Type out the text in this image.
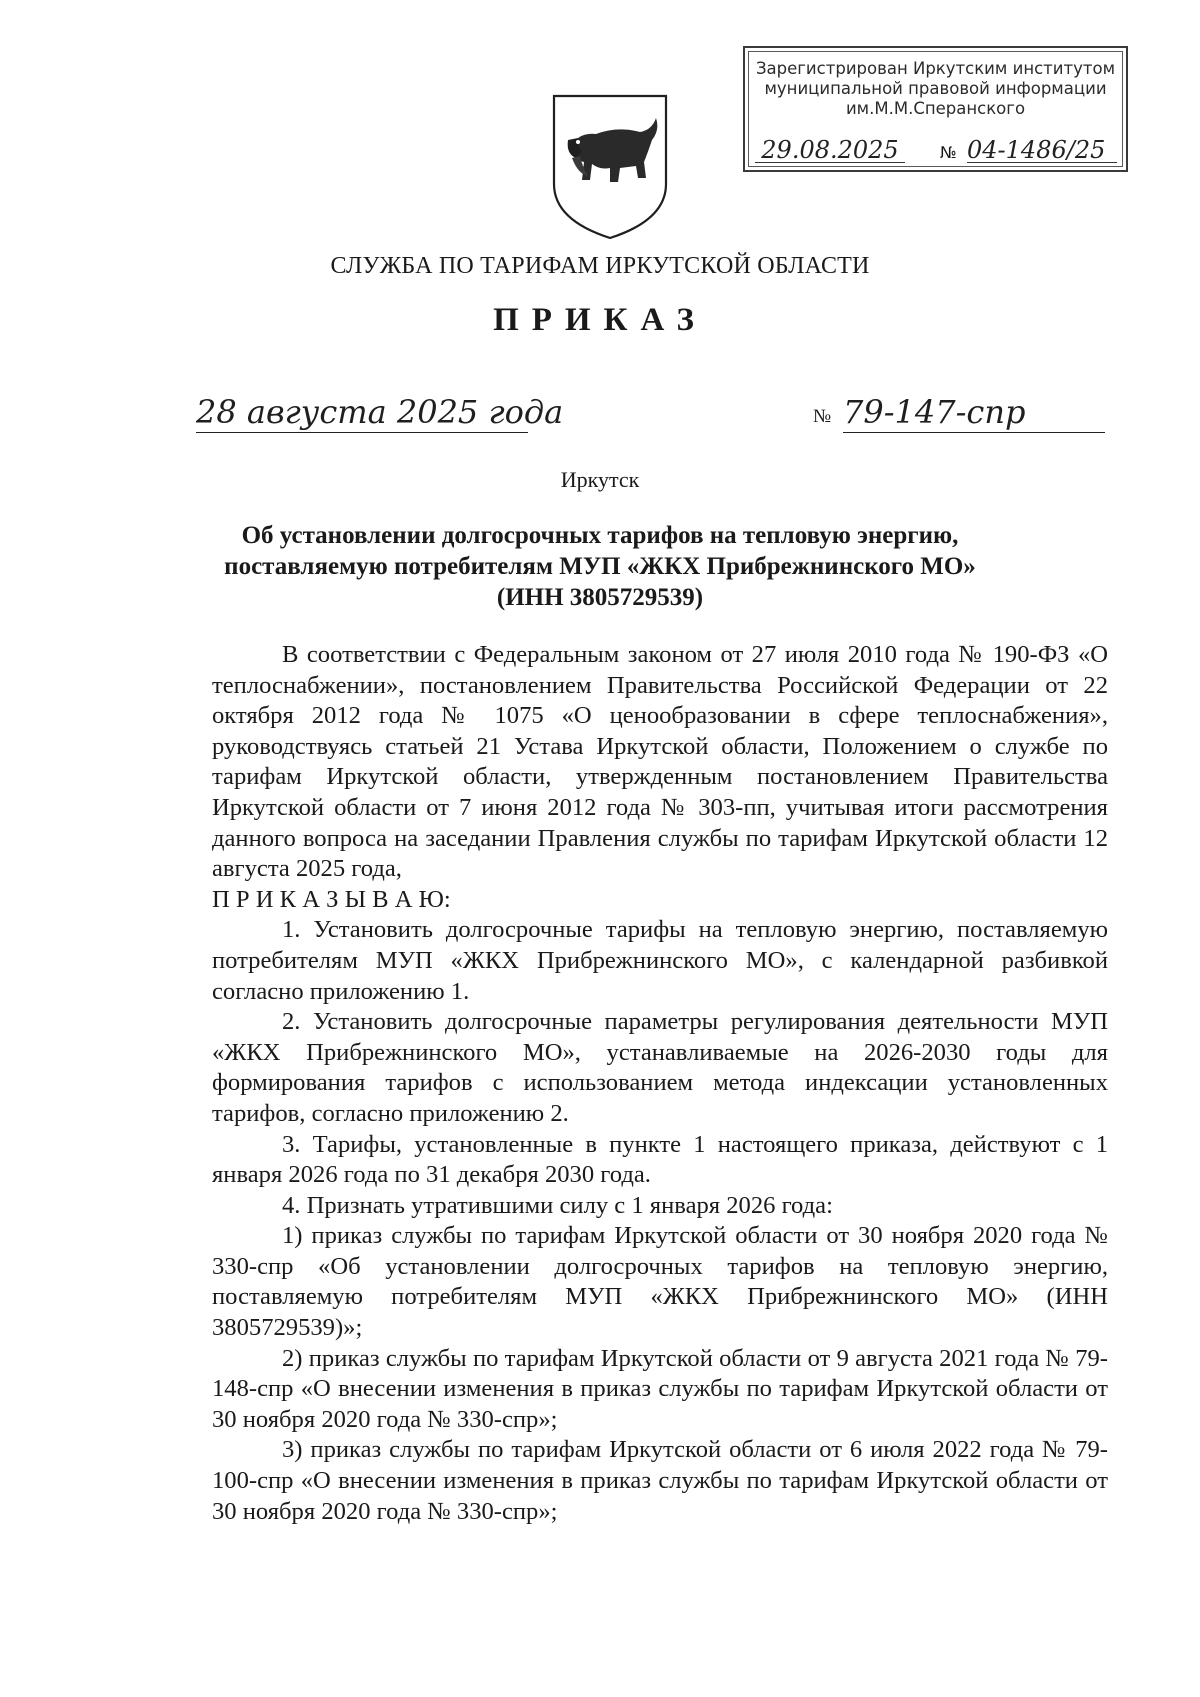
Зарегистрирован Иркутским институтом
муниципальной правовой информации
им.М.М.Сперанского
29.08.2025	№ 04-1486/25
СЛУЖБА ПО ТАРИФАМ ИРКУТСКОЙ ОБЛАСТИ
ПРИКАЗ
28 августа 2025 года	№ 79-147-спр
Иркутск
Об установлении долгосрочных тарифов на тепловую энергию,
поставляемую потребителям МУП «ЖКХ Прибрежнинского МО»
(ИНН 3805729539)

В соответствии с Федеральным законом от 27 июля 2010 года № 190-ФЗ «О теплоснабжении», постановлением Правительства Российской Федерации от 22 октября 2012 года № 1075 «О ценообразовании в сфере теплоснабжения», руководствуясь статьей 21 Устава Иркутской области, Положением о службе по тарифам Иркутской области, утвержденным постановлением Правительства Иркутской области от 7 июня 2012 года № 303-пп, учитывая итоги рассмотрения данного вопроса на заседании Правления службы по тарифам Иркутской области 12 августа 2025 года,

П Р И К А З Ы В А Ю:

1. Установить долгосрочные тарифы на тепловую энергию, поставляемую потребителям МУП «ЖКХ Прибрежнинского МО», с календарной разбивкой согласно приложению 1.

2. Установить долгосрочные параметры регулирования деятельности МУП «ЖКХ Прибрежнинского МО», устанавливаемые на 2026-2030 годы для формирования тарифов с использованием метода индексации установленных тарифов, согласно приложению 2.

3. Тарифы, установленные в пункте 1 настоящего приказа, действуют с 1 января 2026 года по 31 декабря 2030 года.

4. Признать утратившими силу с 1 января 2026 года:

1) приказ службы по тарифам Иркутской области от 30 ноября 2020 года № 330-спр «Об установлении долгосрочных тарифов на тепловую энергию, поставляемую потребителям МУП «ЖКХ Прибрежнинского МО» (ИНН 3805729539)»;

2) приказ службы по тарифам Иркутской области от 9 августа 2021 года № 79-148-спр «О внесении изменения в приказ службы по тарифам Иркутской области от 30 ноября 2020 года № 330-спр»;

3) приказ службы по тарифам Иркутской области от 6 июля 2022 года № 79-100-спр «О внесении изменения в приказ службы по тарифам Иркутской области от 30 ноября 2020 года № 330-спр»;
